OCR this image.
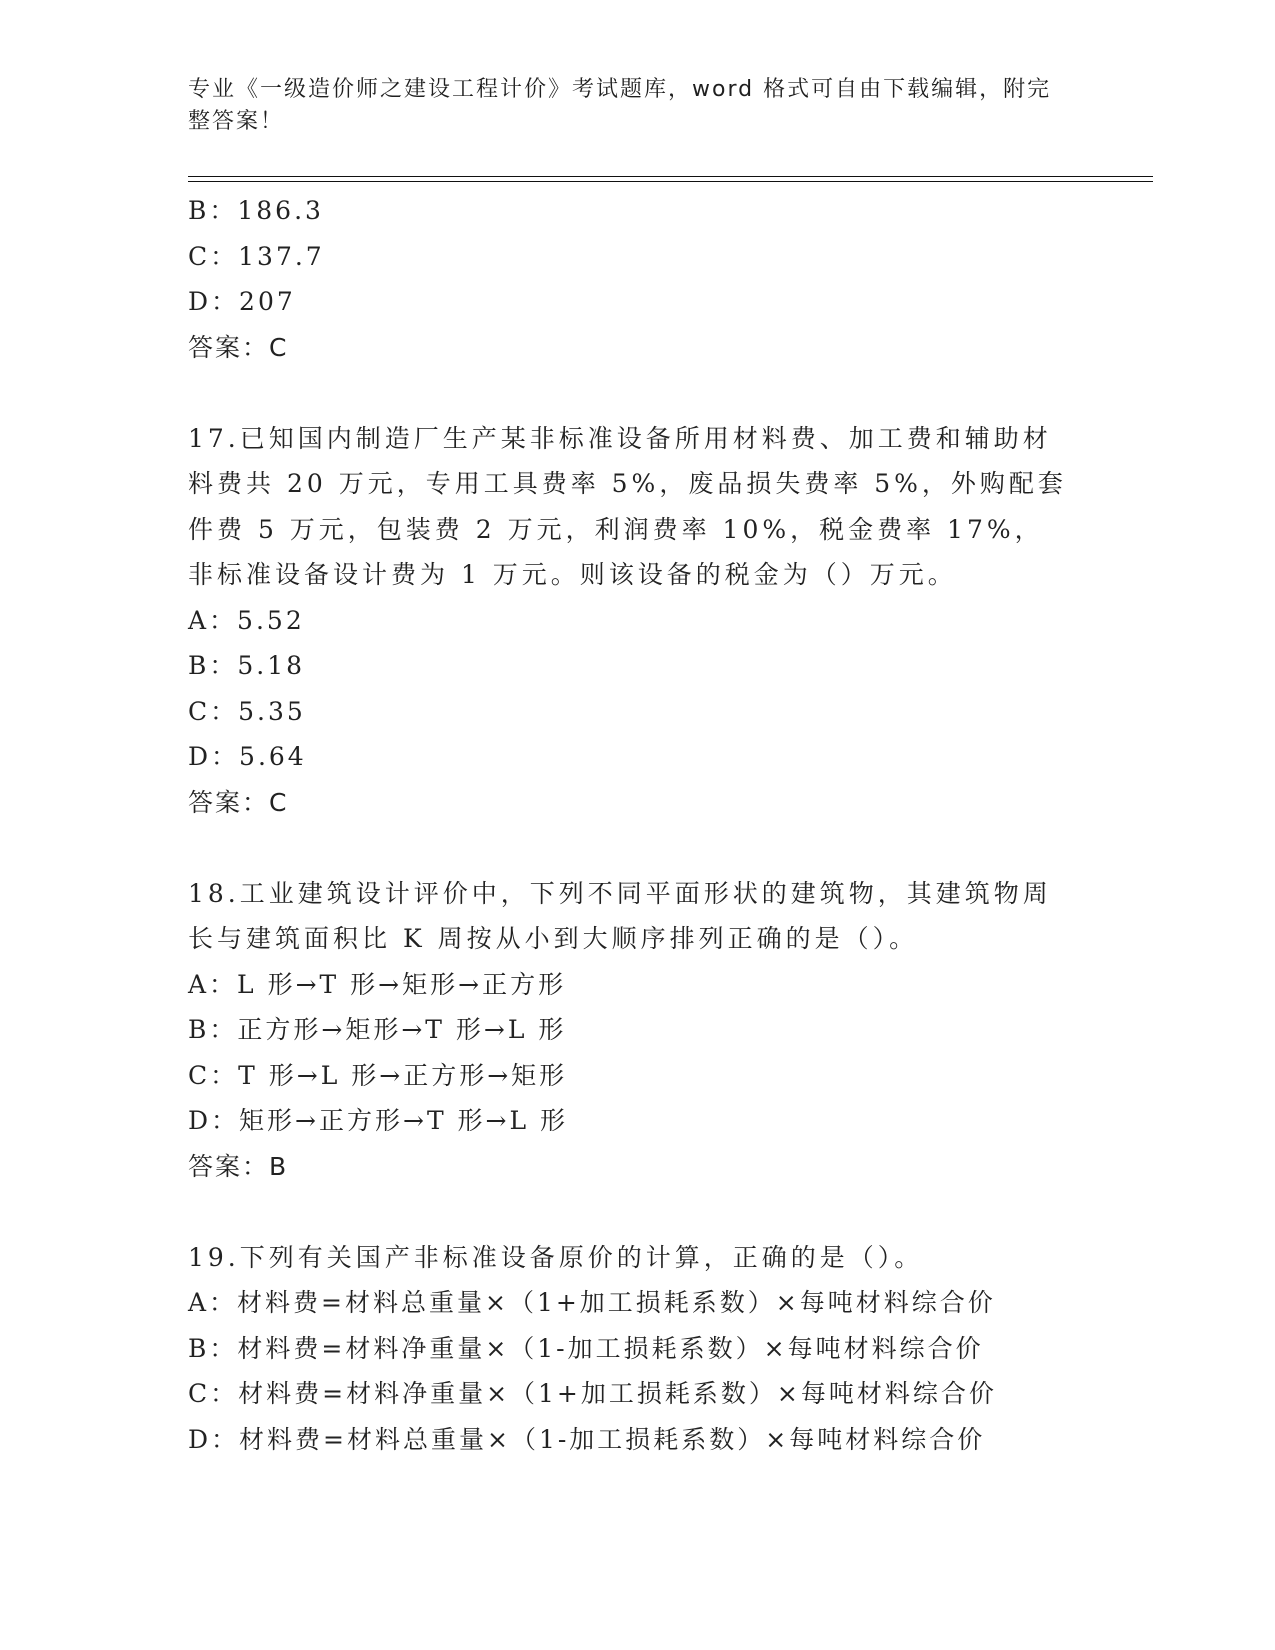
专业《一级造价师之建设工程计价》考试题库，word 格式可自由下载编辑，附完整答案！
B：186.3
C：137.7
D：207
答案：C
17.已知国内制造厂生产某非标准设备所用材料费、加工费和辅助材料费共 20 万元，专用工具费率 5%，废品损失费率 5%，外购配套件费 5 万元，包装费 2 万元，利润费率 10%，税金费率 17%，非标准设备设计费为 1 万元。则该设备的税金为（）万元。
A：5.52
B：5.18
C：5.35
D：5.64
答案：C
18.工业建筑设计评价中，下列不同平面形状的建筑物，其建筑物周长与建筑面积比 K 周按从小到大顺序排列正确的是（）。
A：L 形→T 形→矩形→正方形
B：正方形→矩形→T 形→L 形
C：T 形→L 形→正方形→矩形
D：矩形→正方形→T 形→L 形
答案：B
19.下列有关国产非标准设备原价的计算，正确的是（）。
A：材料费=材料总重量×（1+加工损耗系数）×每吨材料综合价
B：材料费=材料净重量×（1-加工损耗系数）×每吨材料综合价
C：材料费=材料净重量×（1+加工损耗系数）×每吨材料综合价
D：材料费=材料总重量×（1-加工损耗系数）×每吨材料综合价
